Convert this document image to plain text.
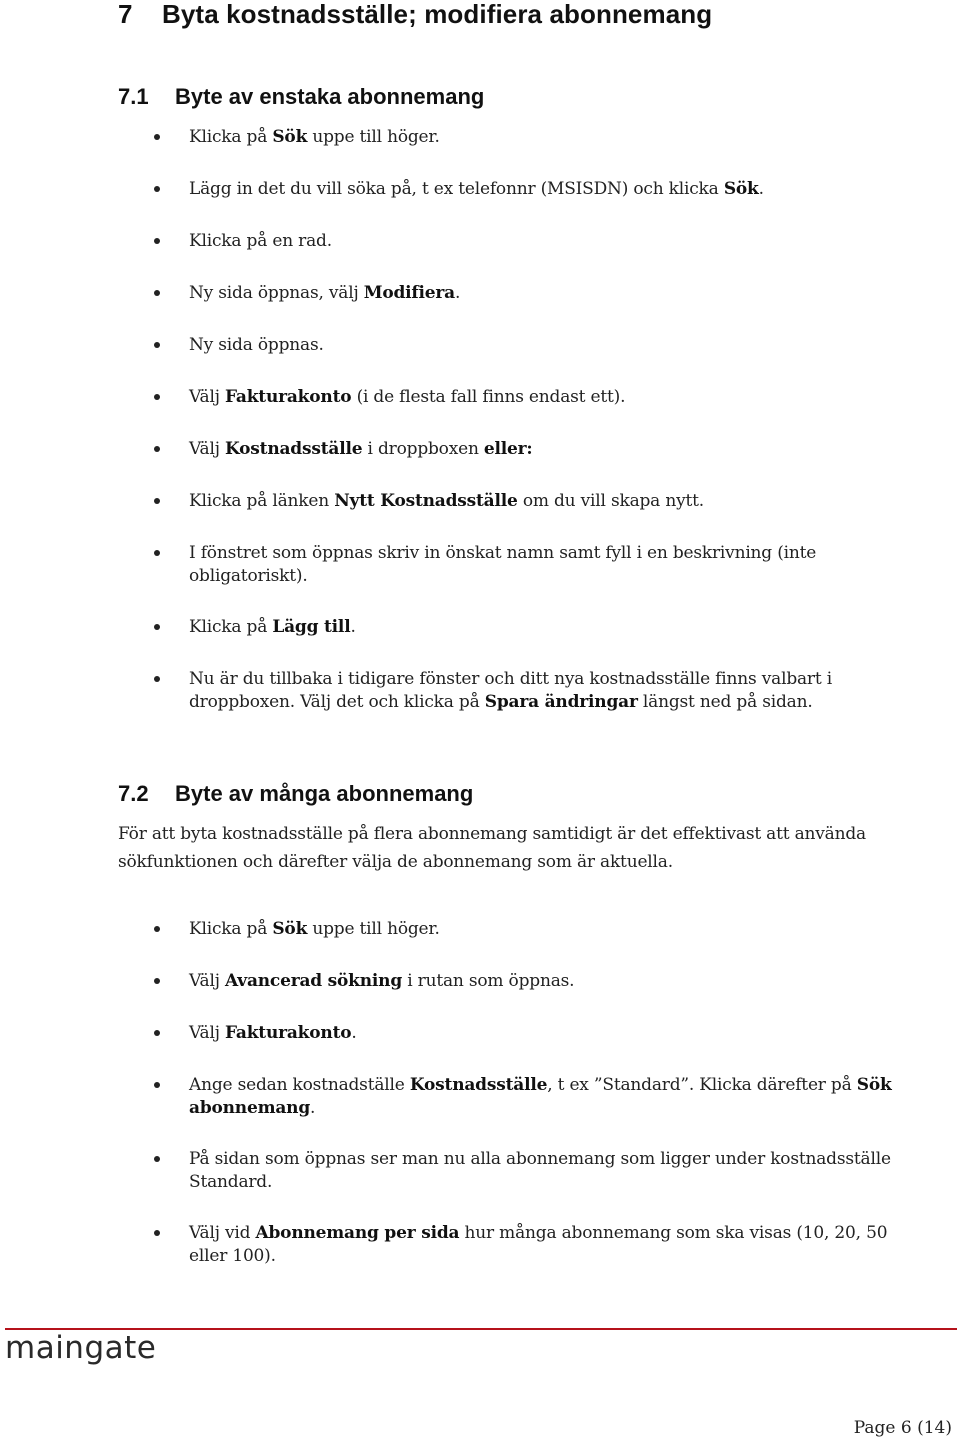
7 Byta kostnadsställe; modifiera abonnemang
7.1 Byte av enstaka abonnemang
Klicka på Sök uppe till höger.
Lägg in det du vill söka på, t ex telefonnr (MSISDN) och klicka Sök.
Klicka på en rad.
Ny sida öppnas, välj Modifiera.
Ny sida öppnas.
Välj Fakturakonto (i de flesta fall finns endast ett).
Välj Kostnadsställe i droppboxen eller:
Klicka på länken Nytt Kostnadsställe om du vill skapa nytt.
I fönstret som öppnas skriv in önskat namn samt fyll i en beskrivning (inte obligatoriskt).
Klicka på Lägg till.
Nu är du tillbaka i tidigare fönster och ditt nya kostnadsställe finns valbart i droppboxen. Välj det och klicka på Spara ändringar längst ned på sidan.
7.2 Byte av många abonnemang

För att byta kostnadsställe på flera abonnemang samtidigt är det effektivast att använda sökfunktionen och därefter välja de abonnemang som är aktuella.

Klicka på Sök uppe till höger.
Välj Avancerad sökning i rutan som öppnas.
Välj Fakturakonto.
Ange sedan kostnadställe Kostnadsställe, t ex ”Standard”. Klicka därefter på Sök abonnemang.
På sidan som öppnas ser man nu alla abonnemang som ligger under kostnadsställe Standard.
Välj vid Abonnemang per sida hur många abonnemang som ska visas (10, 20, 50 eller 100).
maingate
Page 6 (14)
